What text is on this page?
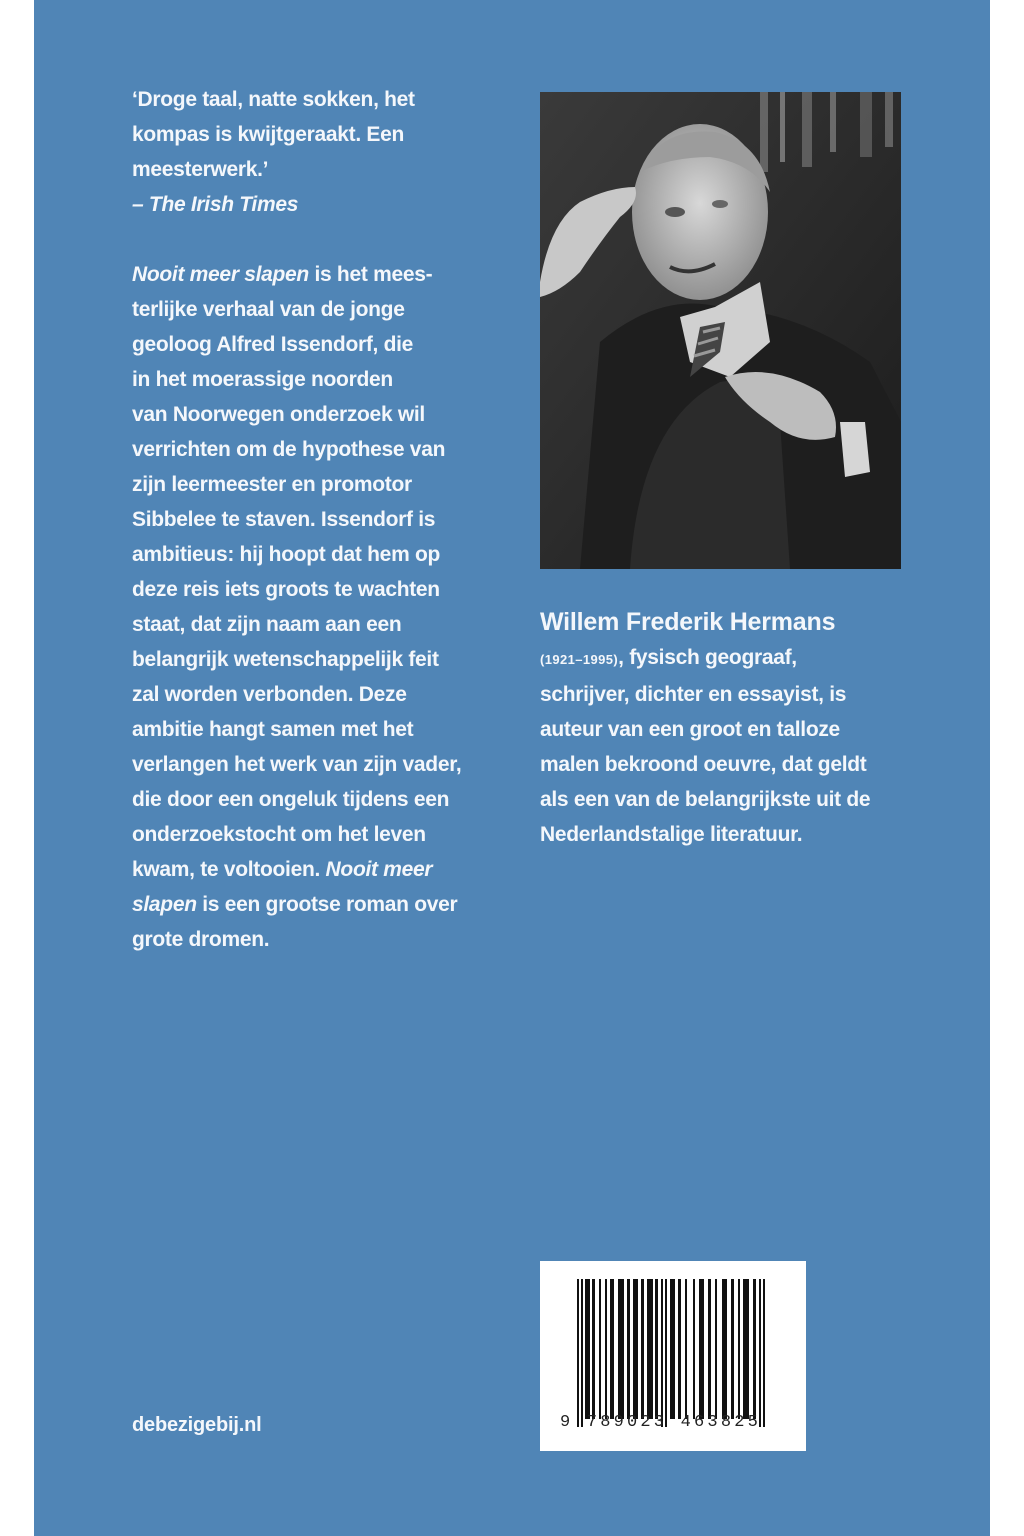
‘Droge taal, natte sokken, het
kompas is kwijtgeraakt. Een
meesterwerk.’
– The Irish Times
Nooit meer slapen is het mees-
terlijke verhaal van de jonge
geoloog Alfred Issendorf, die
in het moerassige noorden
van Noorwegen onderzoek wil
verrichten om de hypothese van
zijn leermeester en promotor
Sibbelee te staven. Issendorf is
ambitieus: hij hoopt dat hem op
deze reis iets groots te wachten
staat, dat zijn naam aan een
belangrijk wetenschappelijk feit
zal worden verbonden. Deze
ambitie hangt samen met het
verlangen het werk van zijn vader,
die door een ongeluk tijdens een
onderzoekstocht om het leven
kwam, te voltooien. Nooit meer
slapen is een grootse roman over
grote dromen.
Willem Frederik Hermans
(1921–1995), fysisch geograaf,
schrijver, dichter en essayist, is
auteur van een groot en talloze
malen bekroond oeuvre, dat geldt
als een van de belangrijkste uit de
Nederlandstalige literatuur.
9 789023 463825
debezigebij.nl
